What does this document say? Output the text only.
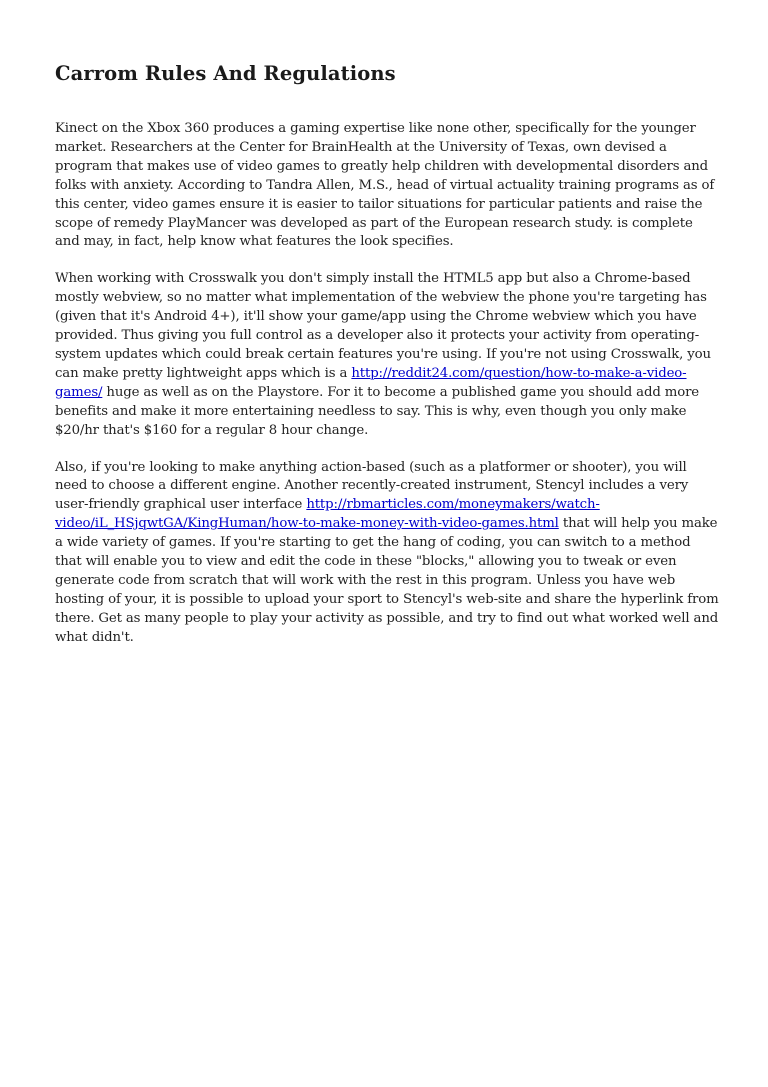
Carrom Rules And Regulations

Kinect on the Xbox 360 produces a gaming expertise like none other, specifically for the younger market. Researchers at the Center for BrainHealth at the University of Texas, own devised a program that makes use of video games to greatly help children with developmental disorders and folks with anxiety. According to Tandra Allen, M.S., head of virtual actuality training programs as of this center, video games ensure it is easier to tailor situations for particular patients and raise the scope of remedy PlayMancer was developed as part of the European research study. is complete and may, in fact, help know what features the look specifies.

When working with Crosswalk you don't simply install the HTML5 app but also a Chrome-based mostly webview, so no matter what implementation of the webview the phone you're targeting has (given that it's Android 4+), it'll show your game/app using the Chrome webview which you have provided. Thus giving you full control as a developer also it protects your activity from operating-system updates which could break certain features you're using. If you're not using Crosswalk, you can make pretty lightweight apps which is a http://reddit24.com/question/how-to-make-a-video-games/ huge as well as on the Playstore. For it to become a published game you should add more benefits and make it more entertaining needless to say. This is why, even though you only make $20/hr that's $160 for a regular 8 hour change.

Also, if you're looking to make anything action-based (such as a platformer or shooter), you will need to choose a different engine. Another recently-created instrument, Stencyl includes a very user-friendly graphical user interface http://rbmarticles.com/moneymakers/watch-video/iL_HSjqwtGA/KingHuman/how-to-make-money-with-video-games.html that will help you make a wide variety of games. If you're starting to get the hang of coding, you can switch to a method that will enable you to view and edit the code in these "blocks," allowing you to tweak or even generate code from scratch that will work with the rest in this program. Unless you have web hosting of your, it is possible to upload your sport to Stencyl's web-site and share the hyperlink from there. Get as many people to play your activity as possible, and try to find out what worked well and what didn't.
